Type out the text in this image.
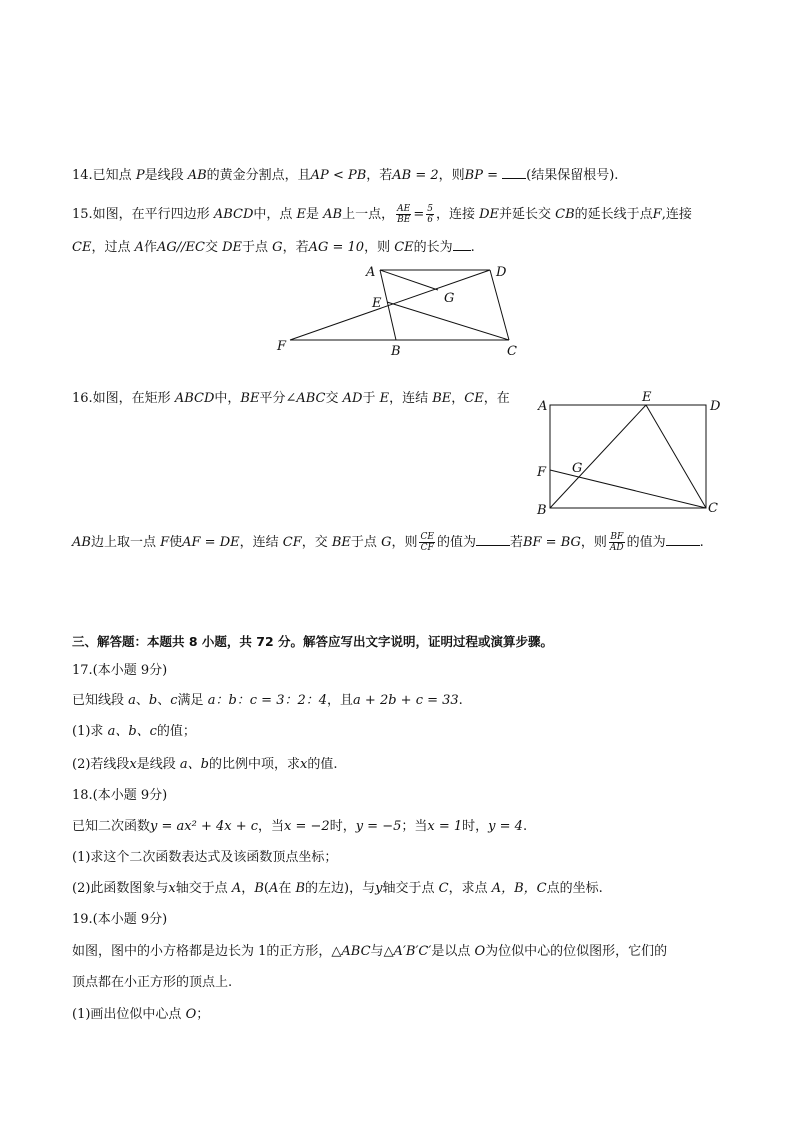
14.已知点 P是线段 AB的黄金分割点，且AP < PB，若AB = 2，则BP = (结果保留根号).
15.如图，在平行四边形 ABCD中，点 E是 AB上一点， $\frac{AE}{BE} = \frac{5}{6}$ ，连接 DE并延长交 CB的延长线于点F,连接
CE，过点 A作AG//EC交 DE于点 G，若AG = 10，则 CE的长为 .
A	D
E	G
F	B	C
16.如图，在矩形 ABCD中，BE平分∠ABC交 AD于 E，连结 BE，CE，在
A
E
D
F G
B	C
AB边上取一点 F使AF = DE，连结 CF，交 BE于点 G，则 $\frac{CE}{CF}$ 的值为	若BF = BG，则 $\frac{BF}{AD}$ 的值为	.
三、解答题：本题共 8 小题，共 72 分。解答应写出文字说明，证明过程或演算步骤。
17.(本小题 9分)
已知线段 a、b、c满足 a：b：c = 3：2：4，且a + 2b + c = 33.
(1)求 a、b、c的值；
(2)若线段x是线段 a、b的比例中项，求x的值.
18.(本小题 9分)
已知二次函数y = ax² + 4x + c，当x = −2时，y = −5；当x = 1时，y = 4.
(1)求这个二次函数表达式及该函数顶点坐标；
(2)此函数图象与x轴交于点 A，B(A在 B的左边)，与y轴交于点 C，求点 A，B，C点的坐标.
19.(本小题 9分)
如图，图中的小方格都是边长为 1的正方形，△ABC与△A′B′C′是以点 O为位似中心的位似图形，它们的
顶点都在小正方形的顶点上.
(1)画出位似中心点 O；
